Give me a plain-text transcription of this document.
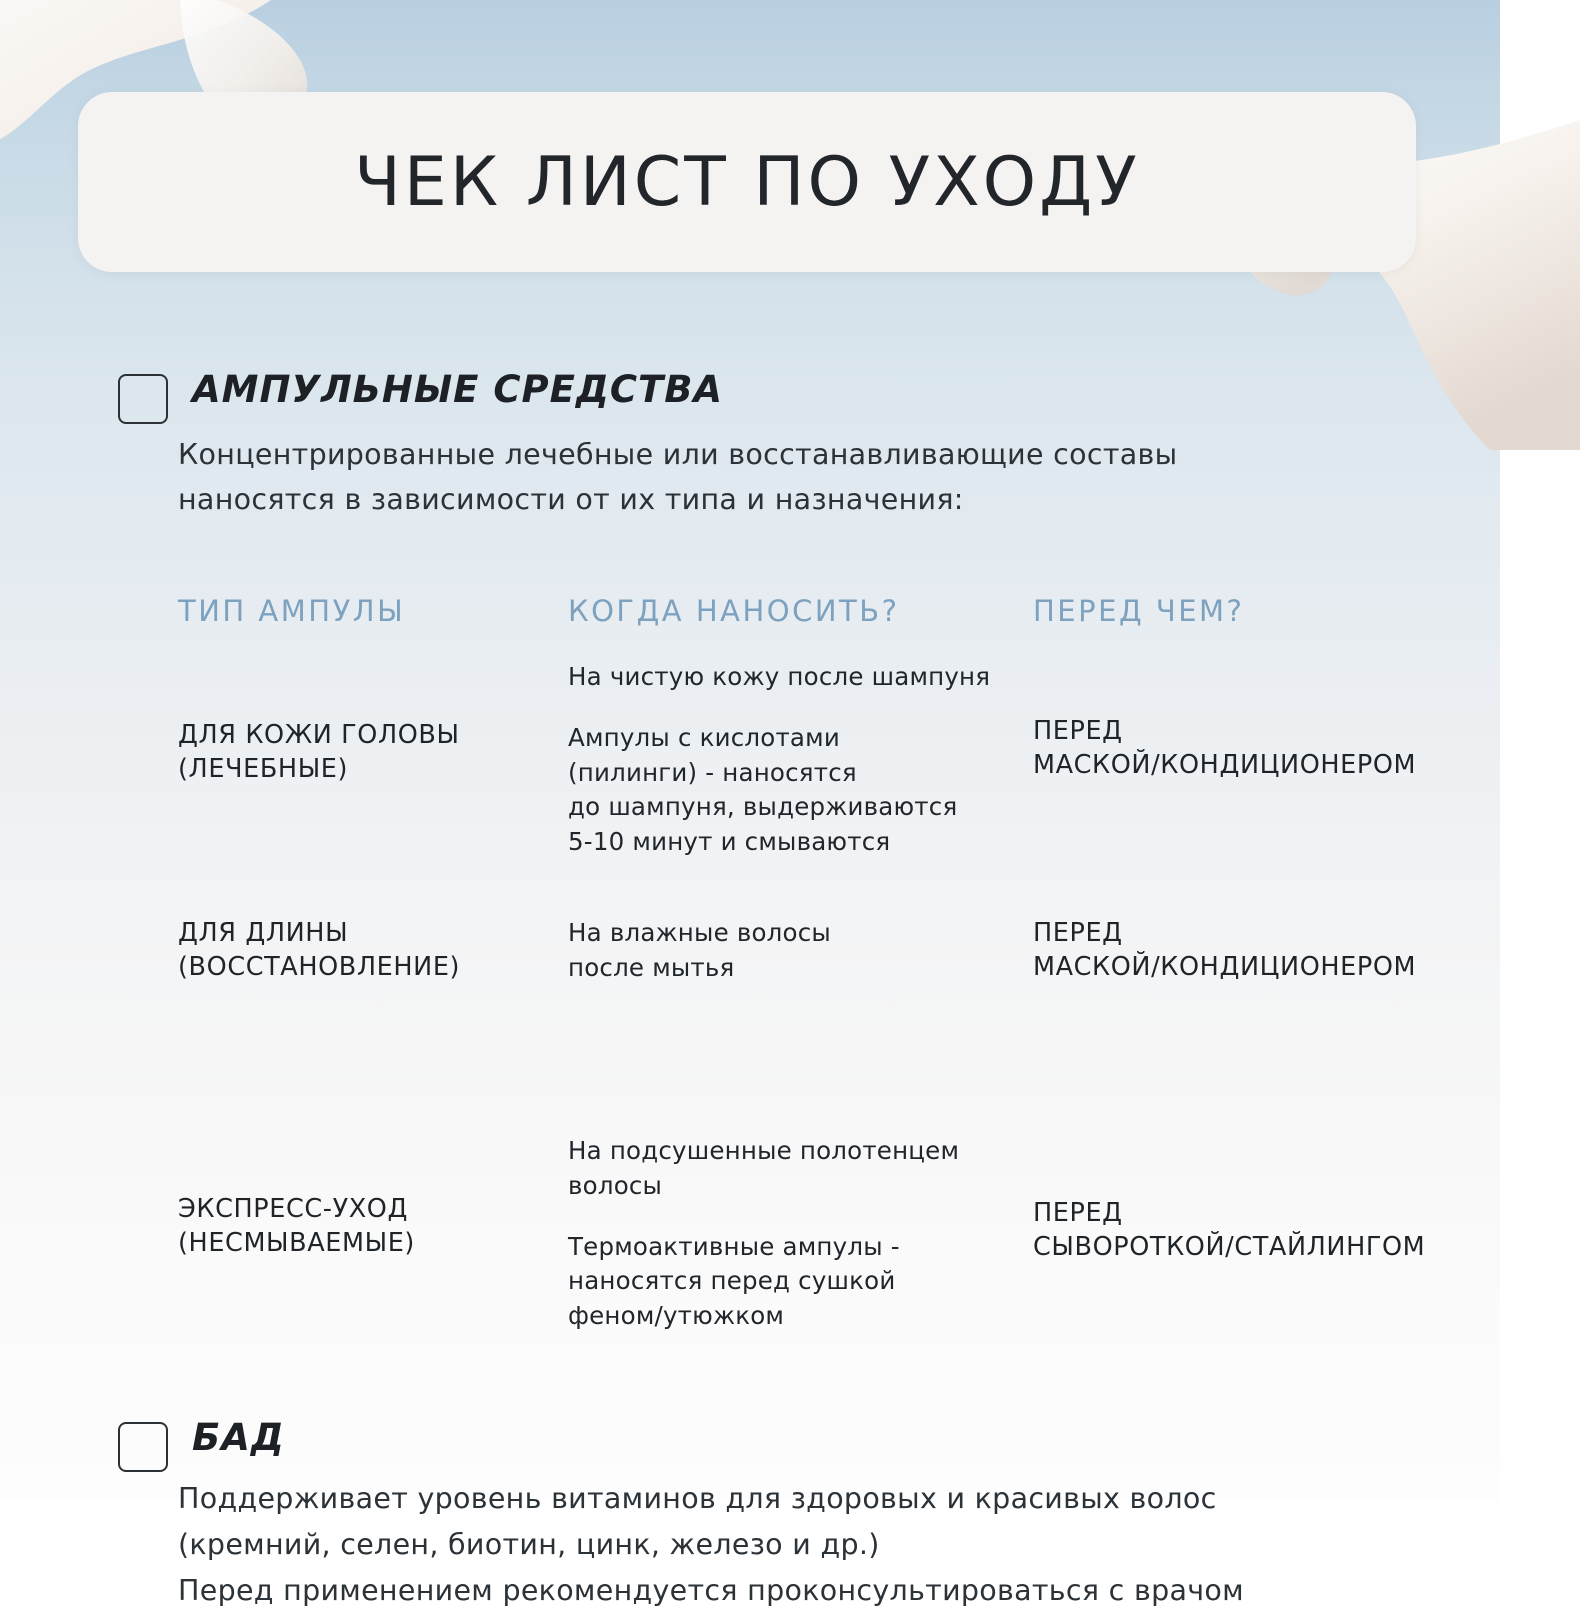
ЧЕК ЛИСТ ПО УХОДУ
АМПУЛЬНЫЕ СРЕДСТВА
Концентрированные лечебные или восстанавливающие составы
наносятся в зависимости от их типа и назначения:
ТИП АМПУЛЫ	КОГДА НАНОСИТЬ?	ПЕРЕД ЧЕМ?
ДЛЯ КОЖИ ГОЛОВЫ
(ЛЕЧЕБНЫЕ)
На чистую кожу после шампуня
Ампулы с кислотами
(пилинги) - наносятся
до шампуня, выдерживаются
5-10 минут и смываются
ПЕРЕД
МАСКОЙ/КОНДИЦИОНЕРОМ
ДЛЯ ДЛИНЫ
(ВОССТАНОВЛЕНИЕ)
На влажные волосы
после мытья
ПЕРЕД
МАСКОЙ/КОНДИЦИОНЕРОМ
ЭКСПРЕСС-УХОД
(НЕСМЫВАЕМЫЕ)
На подсушенные полотенцем
волосы
Термоактивные ампулы -
наносятся перед сушкой
феном/утюжком
ПЕРЕД
СЫВОРОТКОЙ/СТАЙЛИНГОМ
БАД
Поддерживает уровень витаминов для здоровых и красивых волос
(кремний, селен, биотин, цинк, железо и др.)
Перед применением рекомендуется проконсультироваться с врачом
